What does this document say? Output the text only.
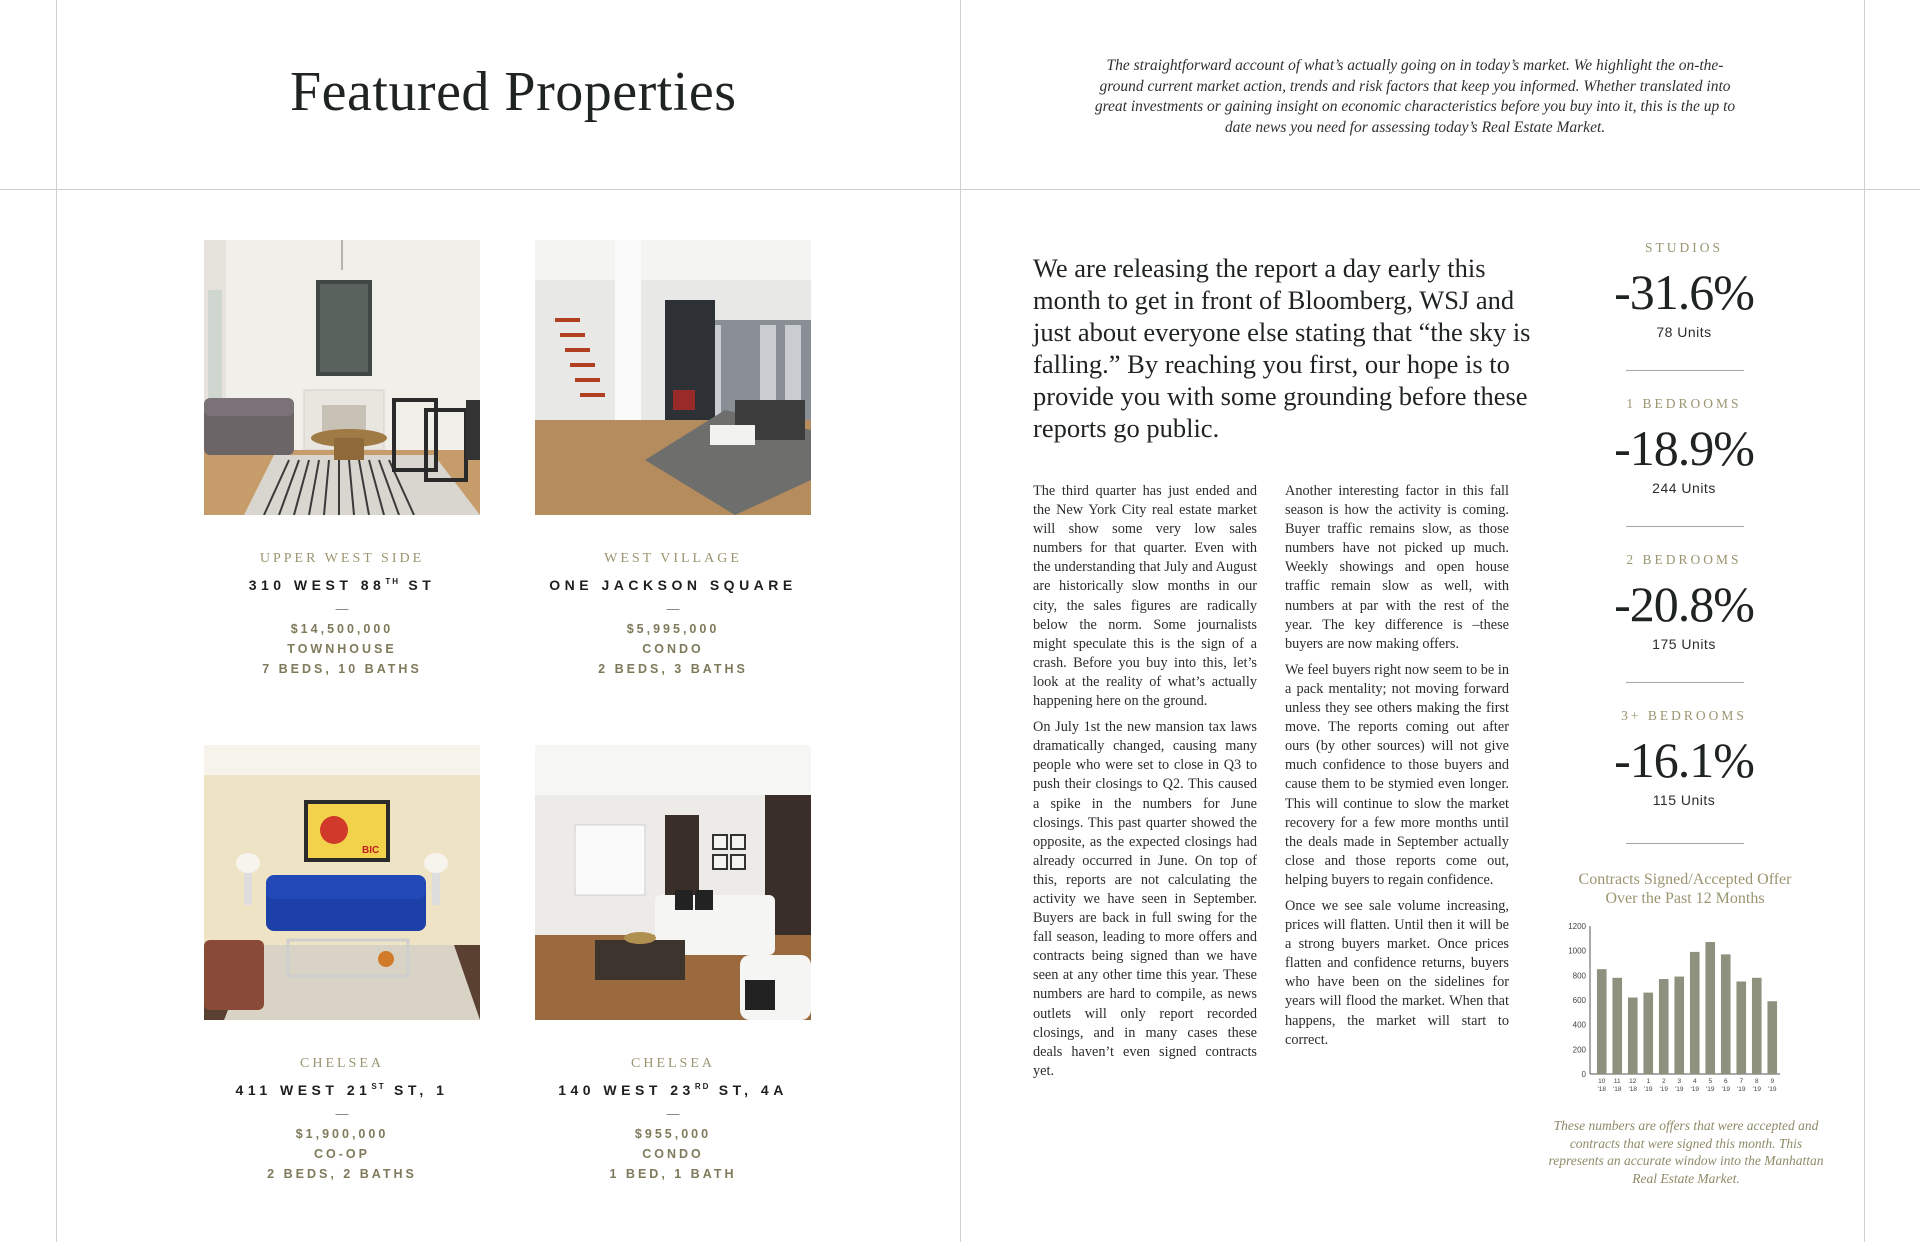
Featured Properties	The straightforward account of what’s actually going on in today’s market. We highlight the on-the-ground current market action, trends and risk factors that keep you informed. Whether translated into great investments or gaining insight on economic characteristics before you buy into it, this is the up to date news you need for assessing today’s Real Estate Market.

UPPER WEST SIDE
310 WEST 88TH ST
—
$14,500,000
TOWNHOUSE
7 BEDS, 10 BATHS
WEST VILLAGE
ONE JACKSON SQUARE
—
$5,995,000
CONDO
2 BEDS, 3 BATHS
BIC
CHELSEA
411 WEST 21ST ST, 1
—
$1,900,000
CO-OP
2 BEDS, 2 BATHS
CHELSEA
140 WEST 23RD ST, 4A
—
$955,000
CONDO
1 BED, 1 BATH

We are releasing the report a day early this month to get in front of Bloomberg, WSJ and just about everyone else stating that “the sky is falling.” By reaching you first, our hope is to provide you with some grounding before these reports go public.

The third quarter has just ended and the New York City real estate market will show some very low sales numbers for that quarter. Even with the understanding that July and August are historically slow months in our city, the sales figures are radically below the norm. Some journalists might speculate this is the sign of a crash. Before you buy into this, let’s look at the reality of what’s actually happening here on the ground.

On July 1st the new mansion tax laws dramatically changed, causing many people who were set to close in Q3 to push their closings to Q2. This caused a spike in the numbers for June closings. This past quarter showed the opposite, as the expected closings had already occurred in June. On top of this, reports are not calculating the activity we have seen in September. Buyers are back in full swing for the fall season, leading to more offers and contracts being signed than we have seen at any other time this year. These numbers are hard to compile, as news outlets will only report recorded closings, and in many cases these deals haven’t even signed contracts yet.

Another interesting factor in this fall season is how the activity is coming. Buyer traffic remains slow, as those numbers have not picked up much. Weekly showings and open house traffic remain slow as well, with numbers at par with the rest of the year. The key difference is –these buyers are now making offers.

We feel buyers right now seem to be in a pack mentality; not moving forward unless they see others making the first move. The reports coming out after ours (by other sources) will not give much confidence to those buyers and cause them to be stymied even longer. This will continue to slow the market recovery for a few more months until the deals made in September actually close and those reports come out, helping buyers to regain confidence.

Once we see sale volume increasing, prices will flatten. Until then it will be a strong buyers market. Once prices flatten and confidence returns, buyers who have been on the sidelines for years will flood the market. When that happens, the market will start to correct.

STUDIOS
-31.6%
78 Units
1 BEDROOMS
-18.9%
244 Units
2 BEDROOMS
-20.8%
175 Units
3+ BEDROOMS
-16.1%
115 Units

Contracts Signed/Accepted Offer
Over the Past 12 Months

0
200
400
600
800
1000
1200
10
'18
11
'18
12
'18
1
'19
2
'19
3
'19
4
'19
5
'19
6
'19
7
'19
8
'19
9
'19

These numbers are offers that were accepted and contracts that were signed this month. This represents an accurate window into the Manhattan Real Estate Market.
